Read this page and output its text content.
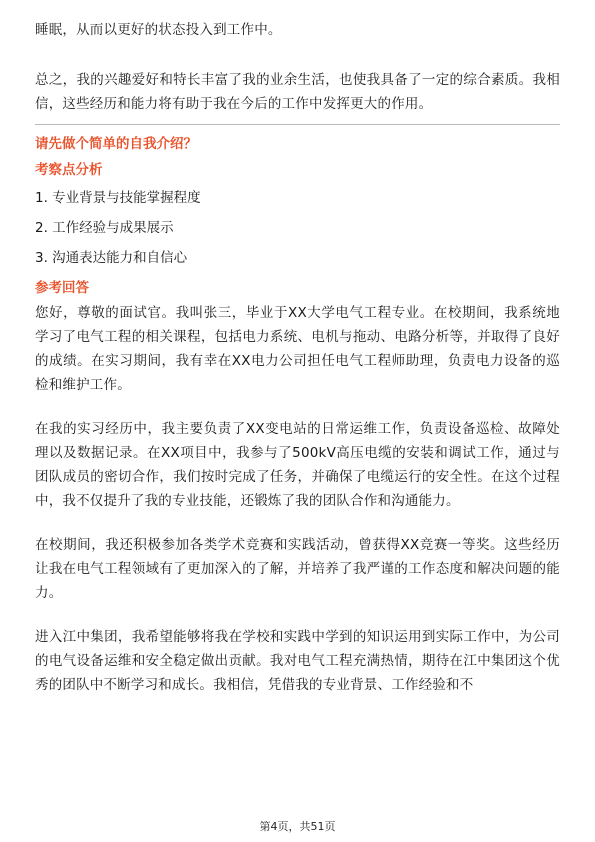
睡眠，从而以更好的状态投入到工作中。

总之，我的兴趣爱好和特长丰富了我的业余生活，也使我具备了一定的综合素质。我相信，这些经历和能力将有助于我在今后的工作中发挥更大的作用。

请先做个简单的自我介绍？
考察点分析
1. 专业背景与技能掌握程度
2. 工作经验与成果展示
3. 沟通表达能力和自信心
参考回答

您好，尊敬的面试官。我叫张三，毕业于XX大学电气工程专业。在校期间，我系统地学习了电气工程的相关课程，包括电力系统、电机与拖动、电路分析等，并取得了良好的成绩。在实习期间，我有幸在XX电力公司担任电气工程师助理，负责电力设备的巡检和维护工作。

在我的实习经历中，我主要负责了XX变电站的日常运维工作，负责设备巡检、故障处理以及数据记录。在XX项目中，我参与了500kV高压电缆的安装和调试工作，通过与团队成员的密切合作，我们按时完成了任务，并确保了电缆运行的安全性。在这个过程中，我不仅提升了我的专业技能，还锻炼了我的团队合作和沟通能力。

在校期间，我还积极参加各类学术竞赛和实践活动，曾获得XX竞赛一等奖。这些经历让我在电气工程领域有了更加深入的了解，并培养了我严谨的工作态度和解决问题的能力。

进入江中集团，我希望能够将我在学校和实践中学到的知识运用到实际工作中，为公司的电气设备运维和安全稳定做出贡献。我对电气工程充满热情，期待在江中集团这个优秀的团队中不断学习和成长。我相信，凭借我的专业背景、工作经验和不

第4页，共51页
